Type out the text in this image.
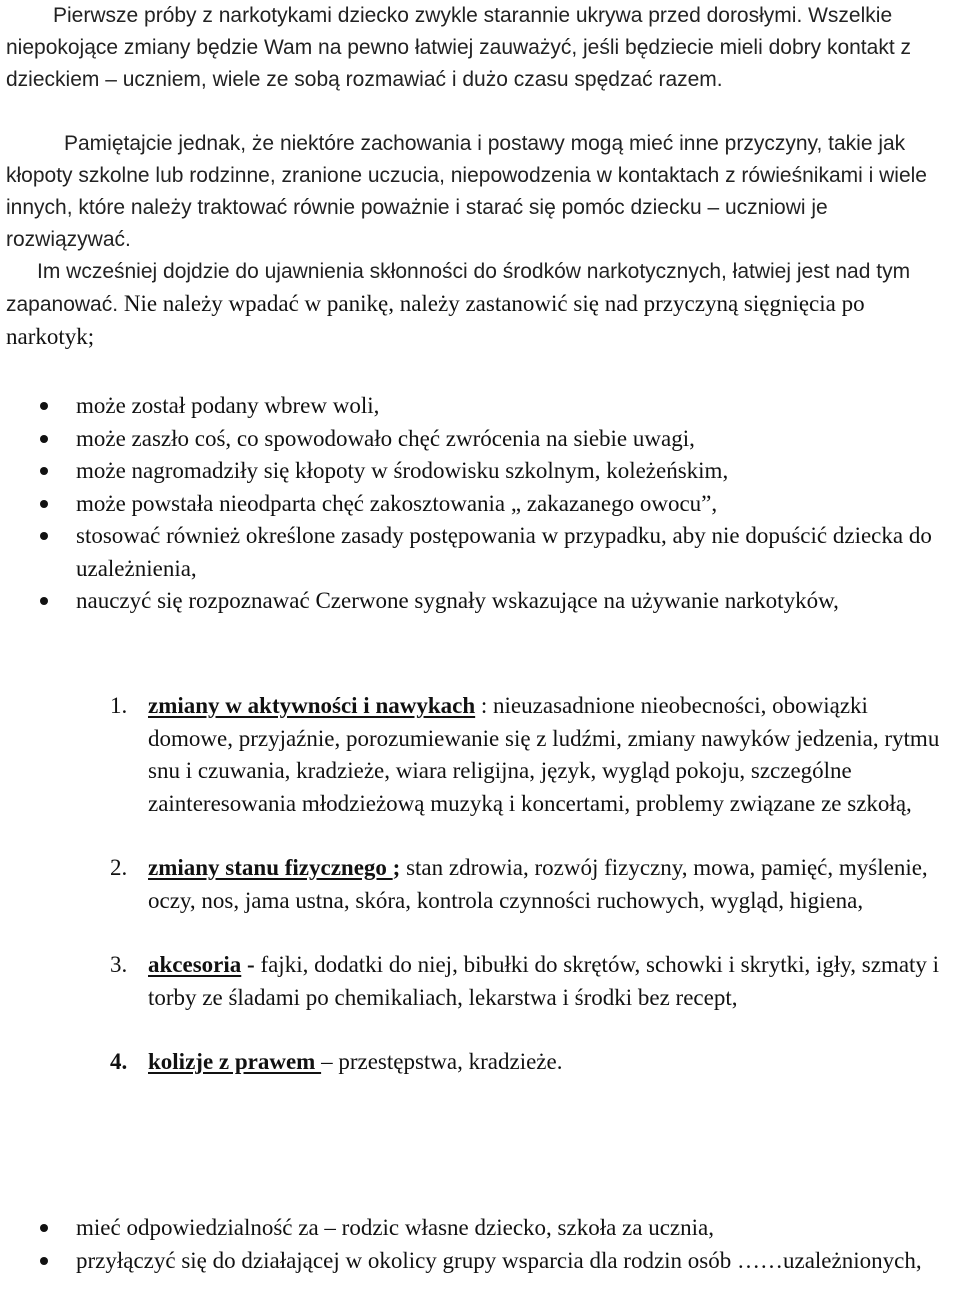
Pierwsze próby z narkotykami dziecko zwykle starannie ukrywa przed dorosłymi. Wszelkie niepokojące zmiany będzie Wam na pewno łatwiej zauważyć, jeśli będziecie mieli dobry kontakt z dzieckiem – uczniem, wiele ze sobą rozmawiać i dużo czasu spędzać razem.

Pamiętajcie jednak, że niektóre zachowania i postawy mogą mieć inne przyczyny, takie jak kłopoty szkolne lub rodzinne, zranione uczucia, niepowodzenia w kontaktach z rówieśnikami i wiele innych, które należy traktować równie poważnie i starać się pomóc dziecku – uczniowi je rozwiązywać.

Im wcześniej dojdzie do ujawnienia skłonności do środków narkotycznych, łatwiej jest nad tym zapanować. Nie należy wpadać w panikę, należy zastanowić się nad przyczyną sięgnięcia po narkotyk;

może został podany wbrew woli,
może zaszło coś, co spowodowało chęć zwrócenia na siebie uwagi,
może nagromadziły się kłopoty w środowisku szkolnym, koleżeńskim,
może powstała nieodparta chęć zakosztowania „ zakazanego owocu”,
stosować również określone zasady postępowania w przypadku, aby nie dopuścić dziecka do uzależnienia,
nauczyć się rozpoznawać Czerwone sygnały wskazujące na używanie narkotyków,
1. zmiany w aktywności i nawykach : nieuzasadnione nieobecności, obowiązki domowe, przyjaźnie, porozumiewanie się z ludźmi, zmiany nawyków jedzenia, rytmu snu i czuwania, kradzieże, wiara religijna, język, wygląd pokoju, szczególne zainteresowania młodzieżową muzyką i koncertami, problemy związane ze szkołą,
2. zmiany stanu fizycznego ; stan zdrowia, rozwój fizyczny, mowa, pamięć, myślenie, oczy, nos, jama ustna, skóra, kontrola czynności ruchowych, wygląd, higiena,
3. akcesoria - fajki, dodatki do niej, bibułki do skrętów, schowki i skrytki, igły, szmaty i torby ze śladami po chemikaliach, lekarstwa i środki bez recept,
4. kolizje z prawem – przestępstwa, kradzieże.
mieć odpowiedzialność za – rodzic własne dziecko, szkoła za ucznia,
przyłączyć się do działającej w okolicy grupy wsparcia dla rodzin osób ……uzależnionych,
